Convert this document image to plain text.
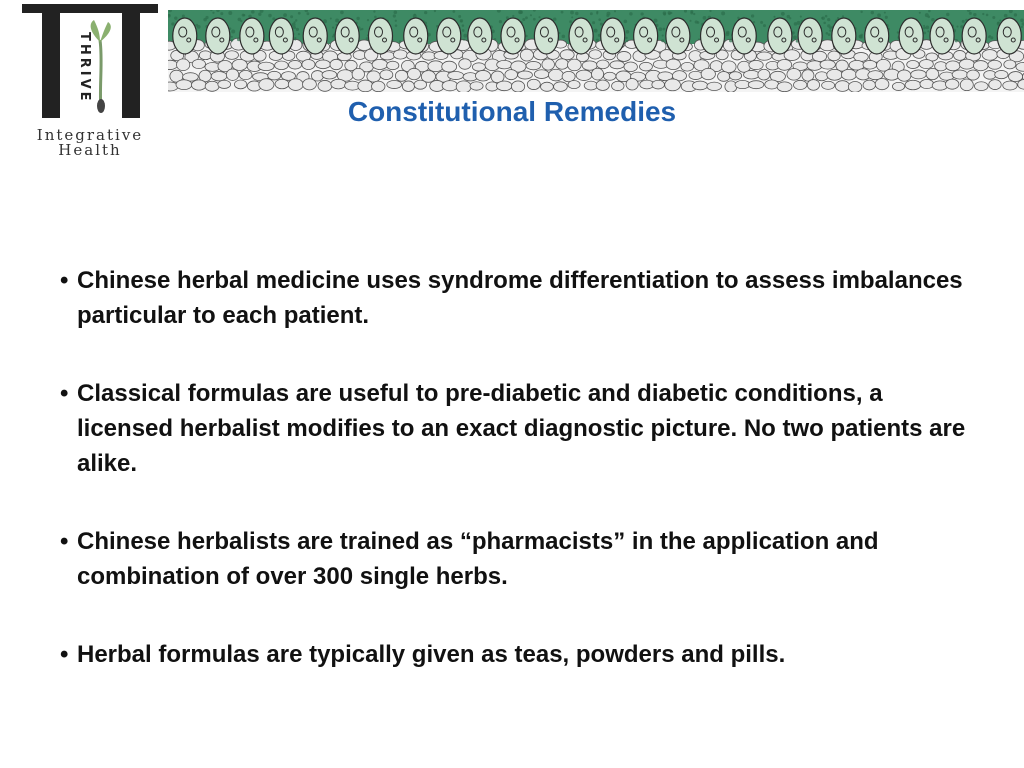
THRIVE
Integrative
Health
Constitutional Remedies
• Chinese herbal medicine uses syndrome differentiation to assess imbalances particular to each patient.
• Classical formulas are useful to pre-diabetic and diabetic conditions, a licensed herbalist modifies to an exact diagnostic picture. No two patients are alike.
• Chinese herbalists are trained as “pharmacists” in the application and combination of over 300 single herbs.
• Herbal formulas are typically given as teas, powders and pills.
